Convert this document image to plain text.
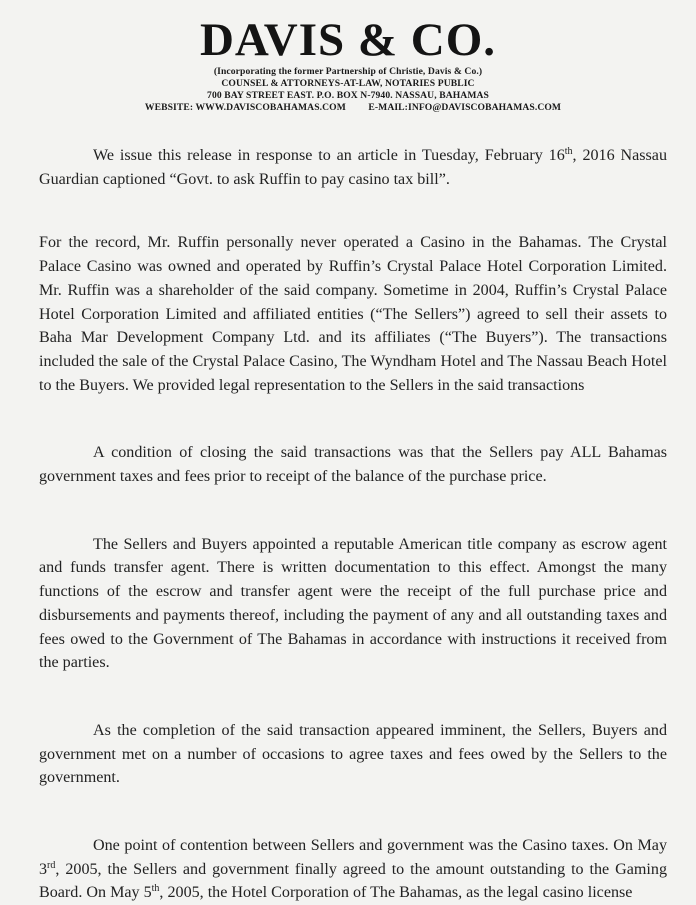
DAVIS & CO.
(Incorporating the former Partnership of Christie, Davis & Co.)
COUNSEL & ATTORNEYS-AT-LAW, NOTARIES PUBLIC
700 BAY STREET EAST. P.O. BOX N-7940. NASSAU, BAHAMAS
WEBSITE: WWW.DAVISCOBAHAMAS.COM E-MAIL:INFO@DAVISCOBAHAMAS.COM

We issue this release in response to an article in Tuesday, February 16th, 2016 Nassau Guardian captioned “Govt. to ask Ruffin to pay casino tax bill”.

For the record, Mr. Ruffin personally never operated a Casino in the Bahamas. The Crystal Palace Casino was owned and operated by Ruffin’s Crystal Palace Hotel Corporation Limited. Mr. Ruffin was a shareholder of the said company. Sometime in 2004, Ruffin’s Crystal Palace Hotel Corporation Limited and affiliated entities (“The Sellers”) agreed to sell their assets to Baha Mar Development Company Ltd. and its affiliates (“The Buyers”). The transactions included the sale of the Crystal Palace Casino, The Wyndham Hotel and The Nassau Beach Hotel to the Buyers. We provided legal representation to the Sellers in the said transactions

A condition of closing the said transactions was that the Sellers pay ALL Bahamas government taxes and fees prior to receipt of the balance of the purchase price.

The Sellers and Buyers appointed a reputable American title company as escrow agent and funds transfer agent. There is written documentation to this effect. Amongst the many functions of the escrow and transfer agent were the receipt of the full purchase price and disbursements and payments thereof, including the payment of any and all outstanding taxes and fees owed to the Government of The Bahamas in accordance with instructions it received from the parties.

As the completion of the said transaction appeared imminent, the Sellers, Buyers and government met on a number of occasions to agree taxes and fees owed by the Sellers to the government.

One point of contention between Sellers and government was the Casino taxes. On May 3rd, 2005, the Sellers and government finally agreed to the amount outstanding to the Gaming Board. On May 5th, 2005, the Hotel Corporation of The Bahamas, as the legal casino license
